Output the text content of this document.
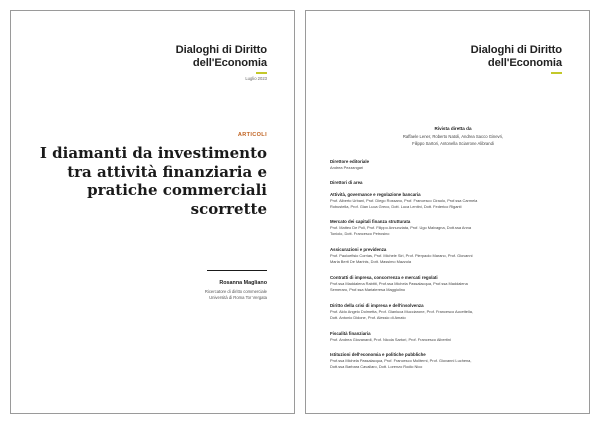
Dialoghi di Diritto
dell'Economia
Luglio 2023
ARTICOLI
I diamanti da investimento tra attività finanziaria e pratiche commerciali scorrette
Rosanna Magliano
Ricercatore di diritto commerciale
Università di Roma Tor Vergata
Dialoghi di Diritto
dell'Economia
Rivista diretta da
Raffaele Lener, Roberto Natoli, Andrea Sacco Ginevri,
Filippo Sartori, Antonella Sciarrone Alibrandi
Direttore editoriale
Andrea Pezzangari
Direttori di area
Attività, governance e regolazione bancaria
Prof. Alberto Urbani, Prof. Diego Rossano, Prof. Francesco Ciraolo, Prof.ssa Carmela
Robustella, Prof. Gian Luca Greco, Dott. Luca Lentini, Dott. Federico Riganti
Mercato dei capitali finanza strutturata
Prof. Matteo De Poli, Prof. Filippo Annunziata, Prof. Ugo Malvagna, Dott.ssa Anna
Toniolo, Dott. Francesco Petrosino
Assicurazioni e previdenza
Prof. Paoloefisio Corrias, Prof. Michele Siri, Prof. Pierpaolo Marano, Prof. Giovanni
Maria Berti De Marinis, Dott. Massimo Mazzola
Contratti di impresa, concorrenza e mercati regolati
Prof.ssa Maddalena Rabitti, Prof.ssa Michela Passalacqua, Prof.ssa Maddalena
Semeraro, Prof.ssa Mariateresa Maggiolino
Diritto della crisi di impresa e dell'insolvenza
Prof. Aldo Angelo Dolmetta, Prof. Gianluca Mucciarone, Prof. Francesco Accettella,
Dott. Antonio Didone, Prof. Alessio di Amato
Fiscalità finanziaria
Prof. Andrea Giovanardi, Prof. Nicola Sartori, Prof. Francesco Albertini
Istituzioni dell'economia e politiche pubbliche
Prof.ssa Michela Passalacqua, Prof. Francesco Moliterni, Prof. Giovanni Luchena,
Dott.ssa Barbara Cavallaro, Dott. Lorenzo Rodio Nico
